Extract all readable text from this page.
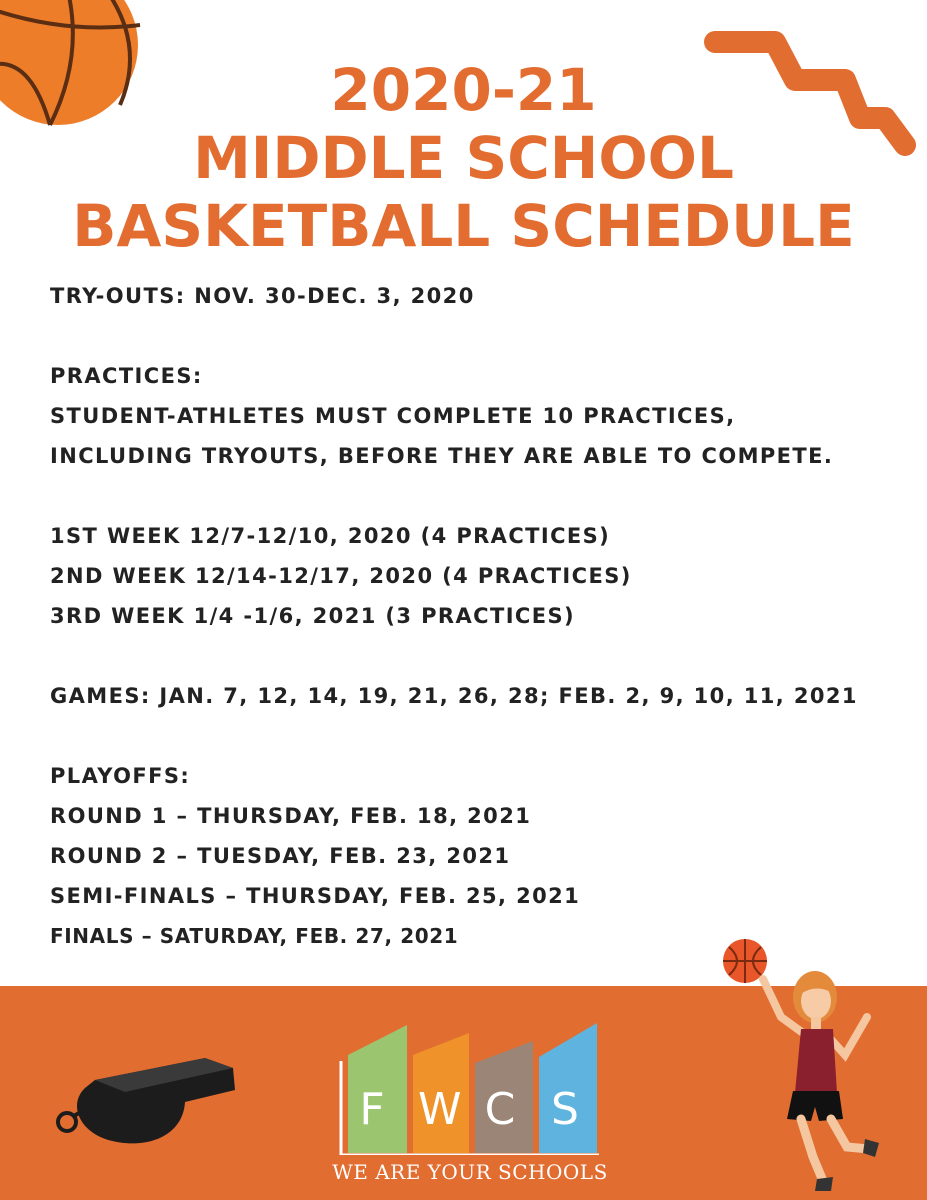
2020-21
MIDDLE SCHOOL
BASKETBALL SCHEDULE
TRY-OUTS: NOV. 30-DEC. 3, 2020
PRACTICES:
STUDENT-ATHLETES MUST COMPLETE 10 PRACTICES,
INCLUDING TRYOUTS, BEFORE THEY ARE ABLE TO COMPETE.
1ST WEEK 12/7-12/10, 2020 (4 PRACTICES)
2ND WEEK 12/14-12/17, 2020 (4 PRACTICES)
3RD WEEK 1/4 -1/6, 2021 (3 PRACTICES)
GAMES: JAN. 7, 12, 14, 19, 21, 26, 28; FEB. 2, 9, 10, 11, 2021
PLAYOFFS:
ROUND 1 – THURSDAY, FEB. 18, 2021
ROUND 2 – TUESDAY, FEB. 23, 2021
SEMI-FINALS – THURSDAY, FEB. 25, 2021
FINALS – SATURDAY, FEB. 27, 2021
F W C S
WE ARE YOUR SCHOOLS
